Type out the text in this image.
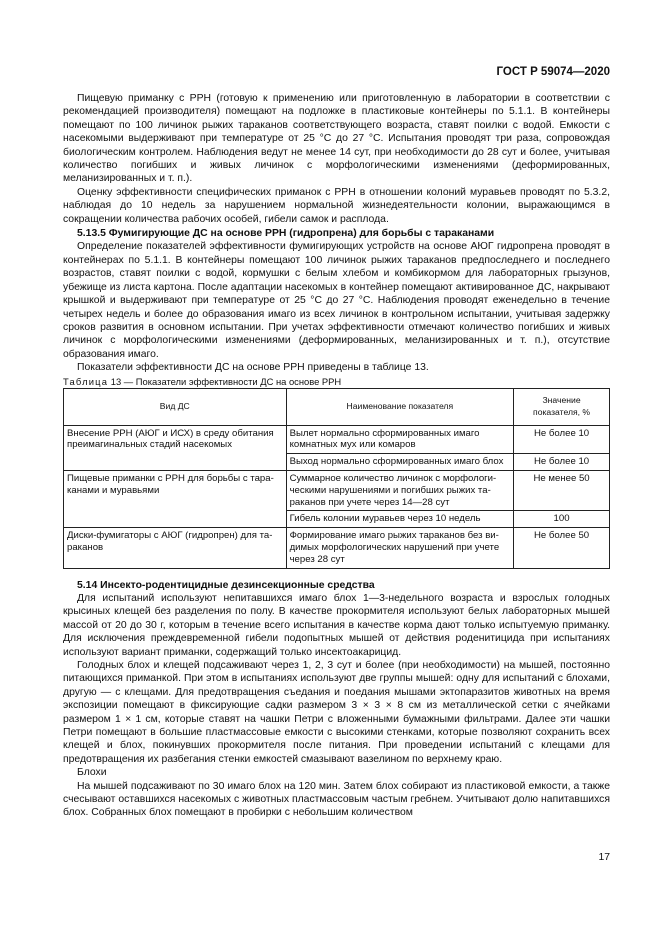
ГОСТ Р 59074—2020

Пищевую приманку с РРН (готовую к применению или приготовленную в лаборатории в соответствии с рекомендацией производителя) помещают на подложке в пластиковые контейнеры по 5.1.1. В контейнеры помещают по 100 личинок рыжих тараканов соответствующего возраста, ставят поилки с водой. Емкости с насекомыми выдерживают при температуре от 25 °С до 27 °С. Испытания проводят три раза, сопровождая биологическим контролем. Наблюдения ведут не менее 14 сут, при необходимости до 28 сут и более, учитывая количество погибших и живых личинок с морфологическими изменениями (деформированных, меланизированных и т. п.).

Оценку эффективности специфических приманок с РРН в отношении колоний муравьев проводят по 5.3.2, наблюдая до 10 недель за нарушением нормальной жизнедеятельности колонии, выражающимся в сокращении количества рабочих особей, гибели самок и расплода.

5.13.5 Фумигирующие ДС на основе РРН (гидропрена) для борьбы с тараканами

Определение показателей эффективности фумигирующих устройств на основе АЮГ гидропрена проводят в контейнерах по 5.1.1. В контейнеры помещают 100 личинок рыжих тараканов предпоследнего и последнего возрастов, ставят поилки с водой, кормушки с белым хлебом и комбикормом для лабораторных грызунов, убежище из листа картона. После адаптации насекомых в контейнер помещают активированное ДС, накрывают крышкой и выдерживают при температуре от 25 °С до 27 °С. Наблюдения проводят еженедельно в течение четырех недель и более до образования имаго из всех личинок в контрольном испытании, учитывая задержку сроков развития в основном испытании. При учетах эффективности отмечают количество погибших и живых личинок с морфологическими изменениями (деформированных, меланизированных и т. п.), отсутствие образования имаго.

Показатели эффективности ДС на основе РРН приведены в таблице 13.

Таблица 13 — Показатели эффективности ДС на основе РРН

Вид ДС	Наименование показателя	Значение показателя, %
Внесение РРН (АЮГ и ИСХ) в среду обитания преимагинальных стадий насекомых	Вылет нормально сформированных имаго комнатных мух или комаров	Не более 10
	Выход нормально сформированных имаго блох	Не более 10
Пищевые приманки с РРН для борьбы с тараканами и муравьями	Суммарное количество личинок с морфологическими нарушениями и погибших рыжих тараканов при учете через 14—28 сут	Не менее 50
	Гибель колонии муравьев через 10 недель	100
Диски-фумигаторы с АЮГ (гидропрен) для тараканов	Формирование имаго рыжих тараканов без видимых морфологических нарушений при учете через 28 сут	Не более 50

5.14 Инсекто-родентицидные дезинсекционные средства

Для испытаний используют непитавшихся имаго блох 1—3-недельного возраста и взрослых голодных крысиных клещей без разделения по полу. В качестве прокормителя используют белых лабораторных мышей массой от 20 до 30 г, которым в течение всего испытания в качестве корма дают только испытуемую приманку. Для исключения преждевременной гибели подопытных мышей от действия роденитицида при испытаниях используют вариант приманки, содержащий только инсектоакарицид.

Голодных блох и клещей подсаживают через 1, 2, 3 сут и более (при необходимости) на мышей, постоянно питающихся приманкой. При этом в испытаниях используют две группы мышей: одну для испытаний с блохами, другую — с клещами. Для предотвращения съедания и поедания мышами эктопаразитов животных на время экспозиции помещают в фиксирующие садки размером 3 × 3 × 8 см из металлической сетки с ячейками размером 1 × 1 см, которые ставят на чашки Петри с вложенными бумажными фильтрами. Далее эти чашки Петри помещают в большие пластмассовые емкости с высокими стенками, которые позволяют сохранить всех клещей и блох, покинувших прокормителя после питания. При проведении испытаний с клещами для предотвращения их разбегания стенки емкостей смазывают вазелином по верхнему краю.

Блохи

На мышей подсаживают по 30 имаго блох на 120 мин. Затем блох собирают из пластиковой емкости, а также счесывают оставшихся насекомых с животных пластмассовым частым гребнем. Учитывают долю напитавшихся блох. Собранных блох помещают в пробирки с небольшим количеством

17
